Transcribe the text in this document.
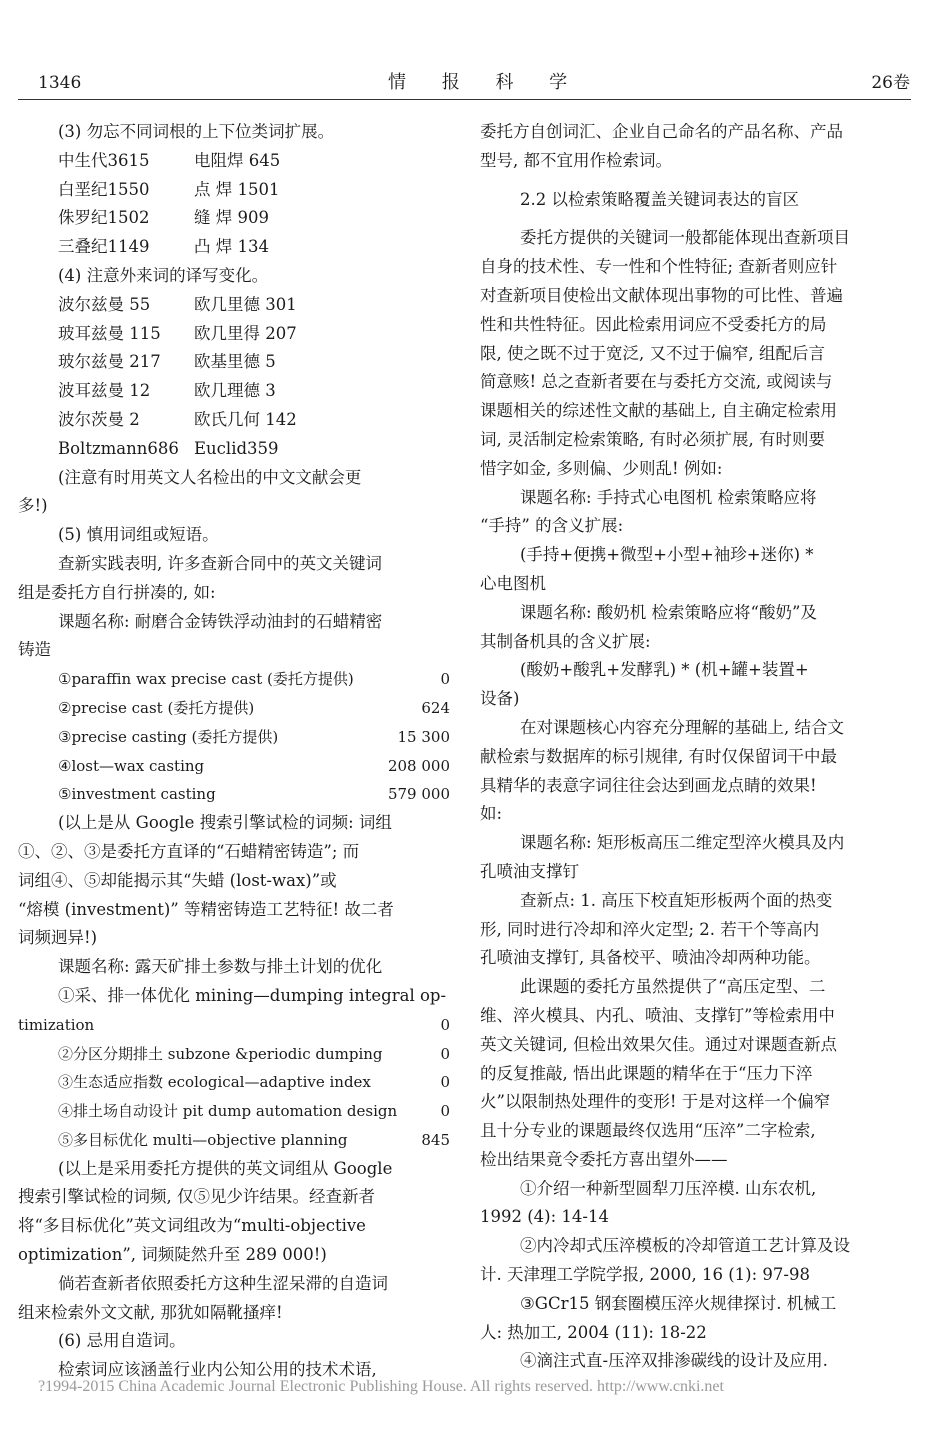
1346	情 报 科 学	26卷

(3) 勿忘不同词根的上下位类词扩展。

中生代3615	电阻焊 645
白垩纪1550	点 焊 1501
侏罗纪1502	缝 焊 909
三叠纪1149	凸 焊 134

(4) 注意外来词的译写变化。

波尔兹曼 55	欧几里德 301
玻耳兹曼 115	欧几里得 207
玻尔兹曼 217	欧基里德 5
波耳兹曼 12	欧几理德 3
波尔茨曼 2	欧氏几何 142
Boltzmann686 Euclid359

(注意有时用英文人名检出的中文文献会更

多!)

(5) 慎用词组或短语。

查新实践表明, 许多查新合同中的英文关键词

组是委托方自行拼凑的, 如:

课题名称: 耐磨合金铸铁浮动油封的石蜡精密

铸造

①paraffin wax precise cast (委托方提供)	0
②precise cast (委托方提供)	624
③precise casting (委托方提供)	15 300
④lost—wax casting	208 000
⑤investment casting	579 000

(以上是从 Google 搜索引擎试检的词频: 词组

①、②、③是委托方直译的“石蜡精密铸造”; 而

词组④、⑤却能揭示其“失蜡 (lost-wax)”或

“熔模 (investment)” 等精密铸造工艺特征! 故二者

词频迥异!)

课题名称: 露天矿排土参数与排土计划的优化

①采、排一体优化 mining—dumping integral op-

timization	0
②分区分期排土 subzone &periodic dumping	0
③生态适应指数 ecological—adaptive index	0
④排土场自动设计 pit dump automation design	0
⑤多目标优化 multi—objective planning	845

(以上是采用委托方提供的英文词组从 Google

搜索引擎试检的词频, 仅⑤见少许结果。经查新者

将“多目标优化”英文词组改为“multi-objective

optimization”, 词频陡然升至 289 000!)

倘若查新者依照委托方这种生涩呆滞的自造词

组来检索外文文献, 那犹如隔靴搔痒!

(6) 忌用自造词。

检索词应该涵盖行业内公知公用的技术术语,

委托方自创词汇、企业自己命名的产品名称、产品

型号, 都不宜用作检索词。

2.2 以检索策略覆盖关键词表达的盲区

委托方提供的关键词一般都能体现出查新项目

自身的技术性、专一性和个性特征; 查新者则应针

对查新项目使检出文献体现出事物的可比性、普遍

性和共性特征。因此检索用词应不受委托方的局

限, 使之既不过于宽泛, 又不过于偏窄, 组配后言

简意赅! 总之查新者要在与委托方交流, 或阅读与

课题相关的综述性文献的基础上, 自主确定检索用

词, 灵活制定检索策略, 有时必须扩展, 有时则要

惜字如金, 多则偏、少则乱! 例如:

课题名称: 手持式心电图机 检索策略应将

“手持” 的含义扩展:

(手持+便携+微型+小型+袖珍+迷你) *

心电图机

课题名称: 酸奶机 检索策略应将“酸奶”及

其制备机具的含义扩展:

(酸奶+酸乳+发酵乳) * (机+罐+装置+

设备)

在对课题核心内容充分理解的基础上, 结合文

献检索与数据库的标引规律, 有时仅保留词干中最

具精华的表意字词往往会达到画龙点睛的效果!

如:

课题名称: 矩形板高压二维定型淬火模具及内

孔喷油支撑钉

查新点: 1. 高压下校直矩形板两个面的热变

形, 同时进行冷却和淬火定型; 2. 若干个等高内

孔喷油支撑钉, 具备校平、喷油冷却两种功能。

此课题的委托方虽然提供了“高压定型、二

维、淬火模具、内孔、喷油、支撑钉”等检索用中

英文关键词, 但检出效果欠佳。通过对课题查新点

的反复推敲, 悟出此课题的精华在于“压力下淬

火”以限制热处理件的变形! 于是对这样一个偏窄

且十分专业的课题最终仅选用“压淬”二字检索,

检出结果竟令委托方喜出望外——

①介绍一种新型圆犁刀压淬模. 山东农机,

1992 (4): 14-14

②内冷却式压淬模板的冷却管道工艺计算及设

计. 天津理工学院学报, 2000, 16 (1): 97-98

③GCr15 钢套圈模压淬火规律探讨. 机械工

人: 热加工, 2004 (11): 18-22

④滴注式直-压淬双排渗碳线的设计及应用.

?1994-2015 China Academic Journal Electronic Publishing House. All rights reserved. http://www.cnki.net
